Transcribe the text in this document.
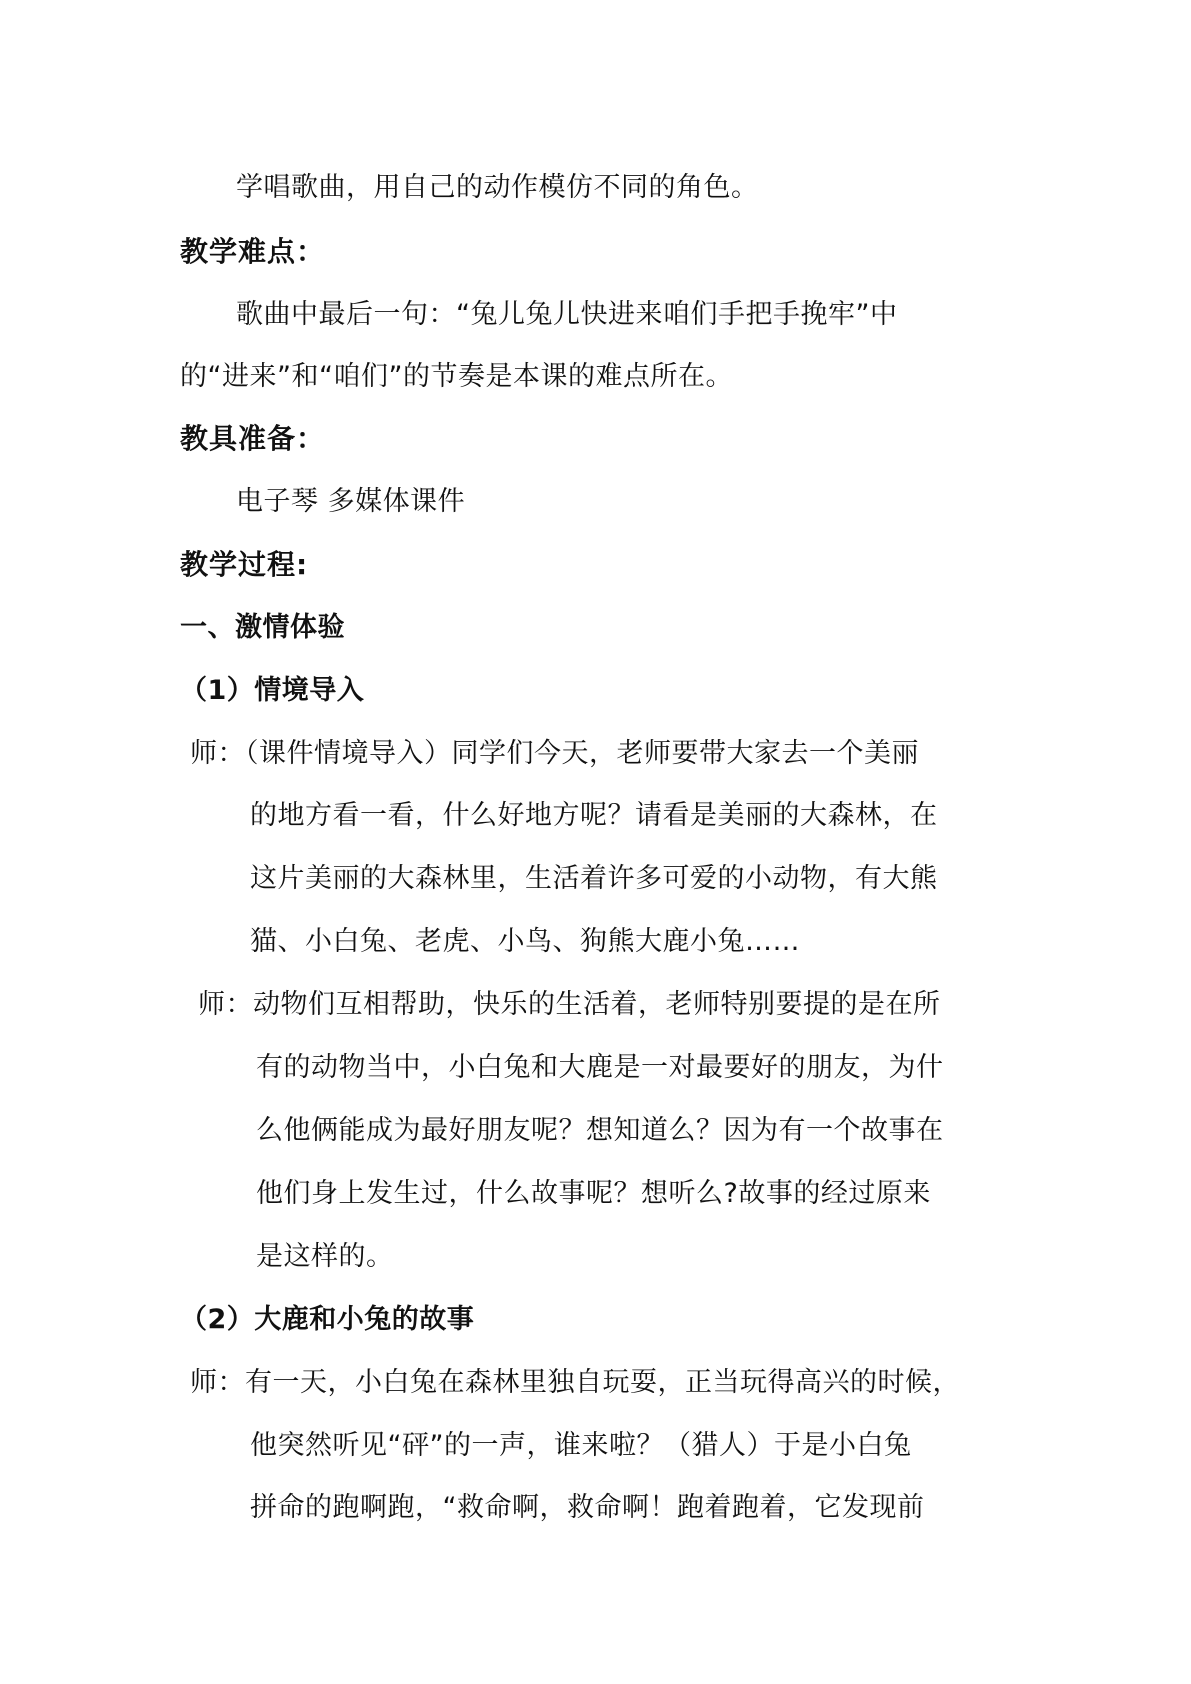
学唱歌曲，用自己的动作模仿不同的角色。
教学难点：
歌曲中最后一句：“兔儿兔儿快进来咱们手把手挽牢”中
的“进来”和“咱们”的节奏是本课的难点所在。
教具准备：
电子琴 多媒体课件
教学过程:
一、激情体验
（1）情境导入
师：（课件情境导入）同学们今天，老师要带大家去一个美丽
的地方看一看，什么好地方呢？请看是美丽的大森林，在
这片美丽的大森林里，生活着许多可爱的小动物，有大熊
猫、小白兔、老虎、小鸟、狗熊大鹿小兔……
师：动物们互相帮助，快乐的生活着，老师特别要提的是在所
有的动物当中，小白兔和大鹿是一对最要好的朋友，为什
么他俩能成为最好朋友呢？想知道么？因为有一个故事在
他们身上发生过，什么故事呢？想听么?故事的经过原来
是这样的。
（2）大鹿和小兔的故事
师：有一天，小白兔在森林里独自玩耍，正当玩得高兴的时候，
他突然听见“砰”的一声，谁来啦？（猎人）于是小白兔
拼命的跑啊跑，“救命啊，救命啊！跑着跑着，它发现前
